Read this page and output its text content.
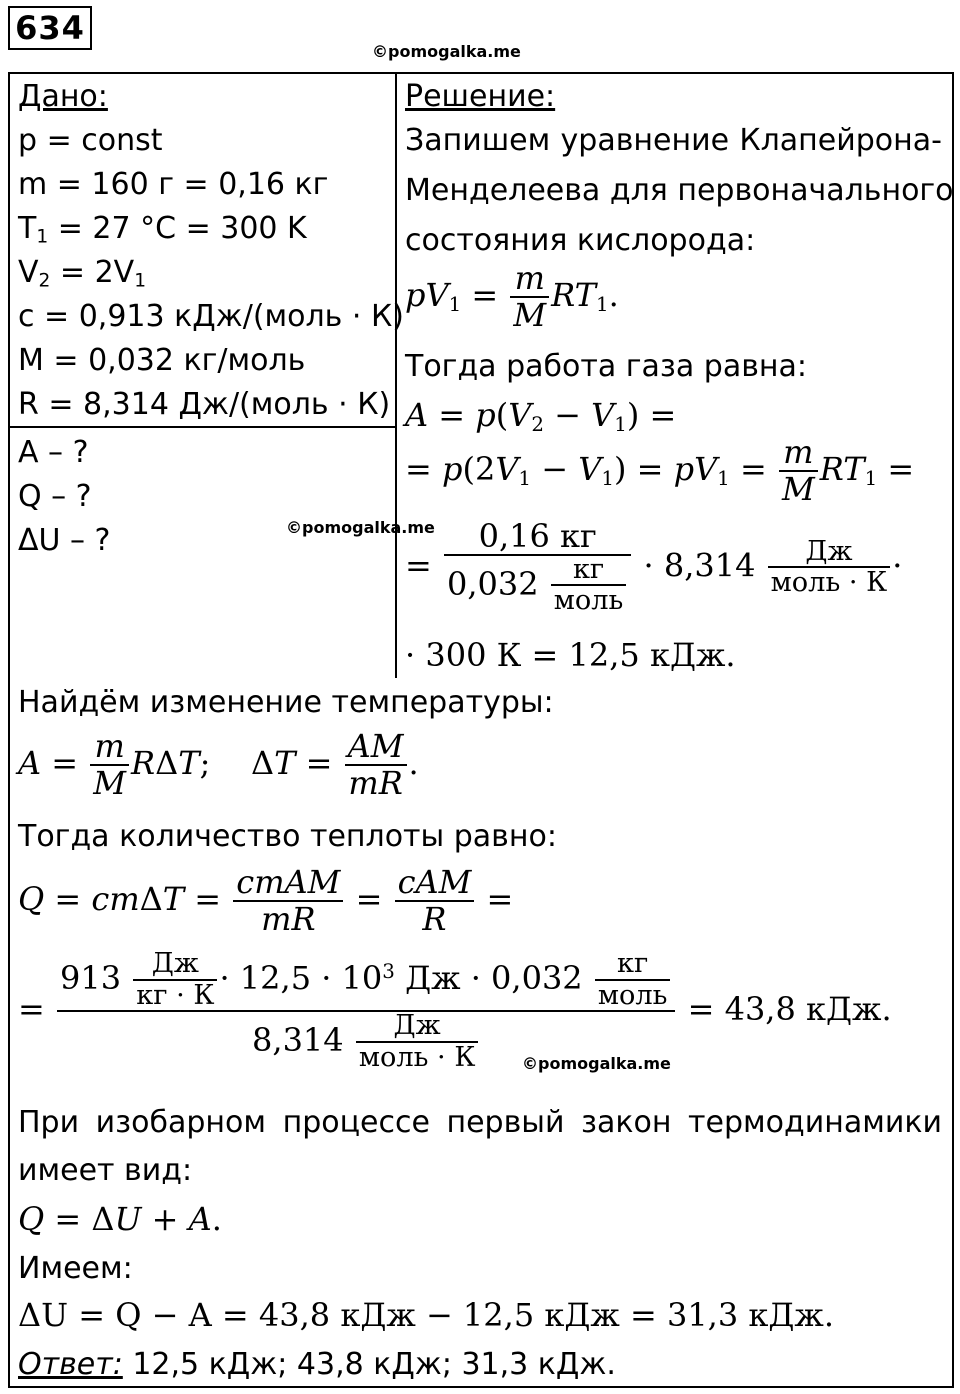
634
©pomogalka.me
Дано:
p = const
m = 160 г = 0,16 кг
$T_1 = 27$ °C = 300 K
$V_2 = 2V_1$
c = 0,913 кДж/(моль · К)
M = 0,032 кг/моль
R = 8,314 Дж/(моль · К)
A – ?
Q – ?
ΔU – ?	©pomogalka.me
Решение:
Запишем уравнение Клапейрона-
Менделеева для первоначального
состояния кислорода:
$pV_1 = \frac{m}{M} RT_1$.
Тогда работа газа равна:
$A = p(V_2 - V_1)$ =
= $p(2V_1 - V_1) = pV_1 = \frac{m}{M} RT_1$ =
= $\frac{0,16 кг}{0,032 \frac{кг}{\text{моль}}} \cdot 8,314 \frac{Дж}{\text{моль · К}}$ ·
· 300 К = 12,5 кДж.
Найдём изменение температуры:
$A = \frac{m}{M} R\Delta T$;    $\Delta T = \frac{AM}{mR}$ .
Тогда количество теплоты равно:
$Q = cm\Delta T = \frac{\text{cmAM}}{mR} = \frac{\text{cAM}}{R}$ =
= $\frac{913 \frac{Дж}{кг \cdot К} \cdot 12,5 \cdot 10^3 Дж \cdot 0,032 \frac{кг}{\text{моль}}}{8,314 \frac{Дж}{\text{моль · К}}} = 43,8$ кДж.
©pomogalka.me
При изобарном процессе первый закон термодинамики
имеет вид:
Q = ΔU + A.
Имеем:
ΔU = Q − A = 43,8 кДж − 12,5 кДж = 31,3 кДж.
Ответ: 12,5 кДж; 43,8 кДж; 31,3 кДж.
